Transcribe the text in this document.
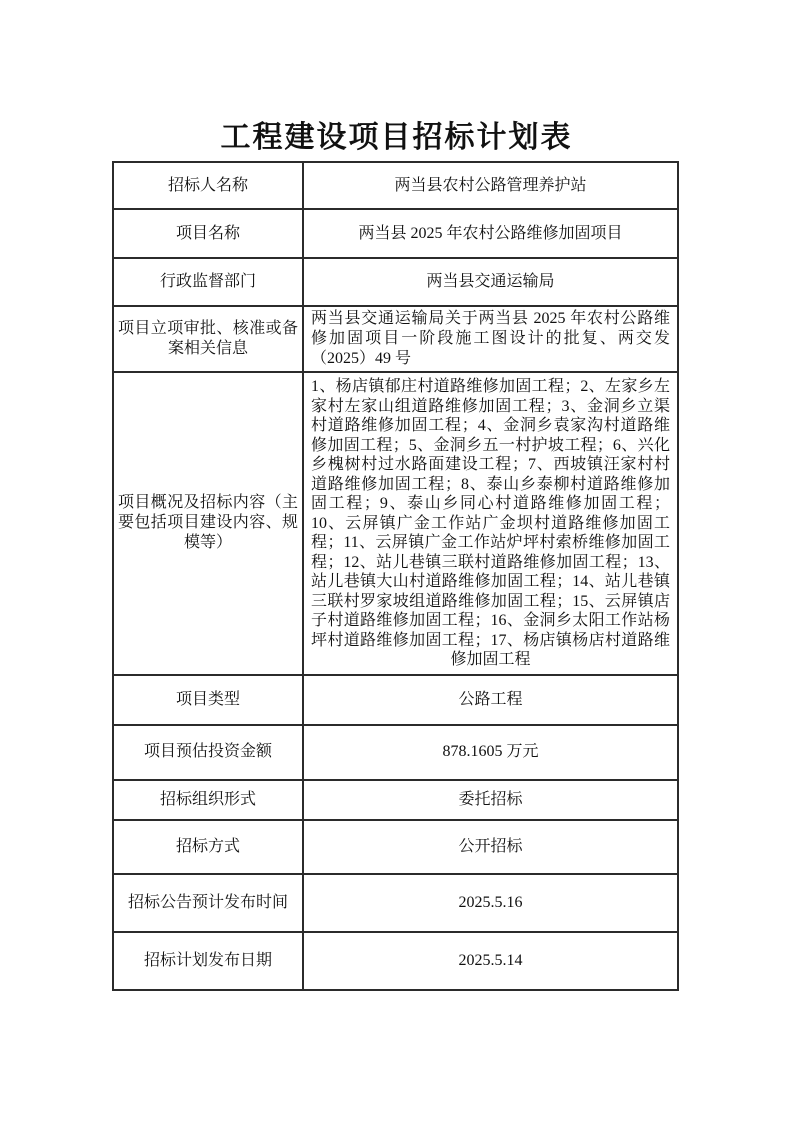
工程建设项目招标计划表
招标人名称	两当县农村公路管理养护站
项目名称	两当县 2025 年农村公路维修加固项目
行政监督部门	两当县交通运输局
项目立项审批、核准或备案相关信息	两当县交通运输局关于两当县 2025 年农村公路维修加固项目一阶段施工图设计的批复、两交发（2025）49 号
项目概况及招标内容（主要包括项目建设内容、规模等）	1、杨店镇郁庄村道路维修加固工程；2、左家乡左家村左家山组道路维修加固工程；3、金洞乡立渠村道路维修加固工程；4、金洞乡袁家沟村道路维修加固工程；5、金洞乡五一村护坡工程；6、兴化乡槐树村过水路面建设工程；7、西坡镇汪家村村道路维修加固工程；8、泰山乡泰柳村道路维修加固工程；9、泰山乡同心村道路维修加固工程；10、云屏镇广金工作站广金坝村道路维修加固工程；11、云屏镇广金工作站炉坪村索桥维修加固工程；12、站儿巷镇三联村道路维修加固工程；13、站儿巷镇大山村道路维修加固工程；14、站儿巷镇三联村罗家坡组道路维修加固工程；15、云屏镇店子村道路维修加固工程；16、金洞乡太阳工作站杨坪村道路维修加固工程；17、杨店镇杨店村道路维修加固工程
项目类型	公路工程
项目预估投资金额	878.1605 万元
招标组织形式	委托招标
招标方式	公开招标
招标公告预计发布时间	2025.5.16
招标计划发布日期	2025.5.14
